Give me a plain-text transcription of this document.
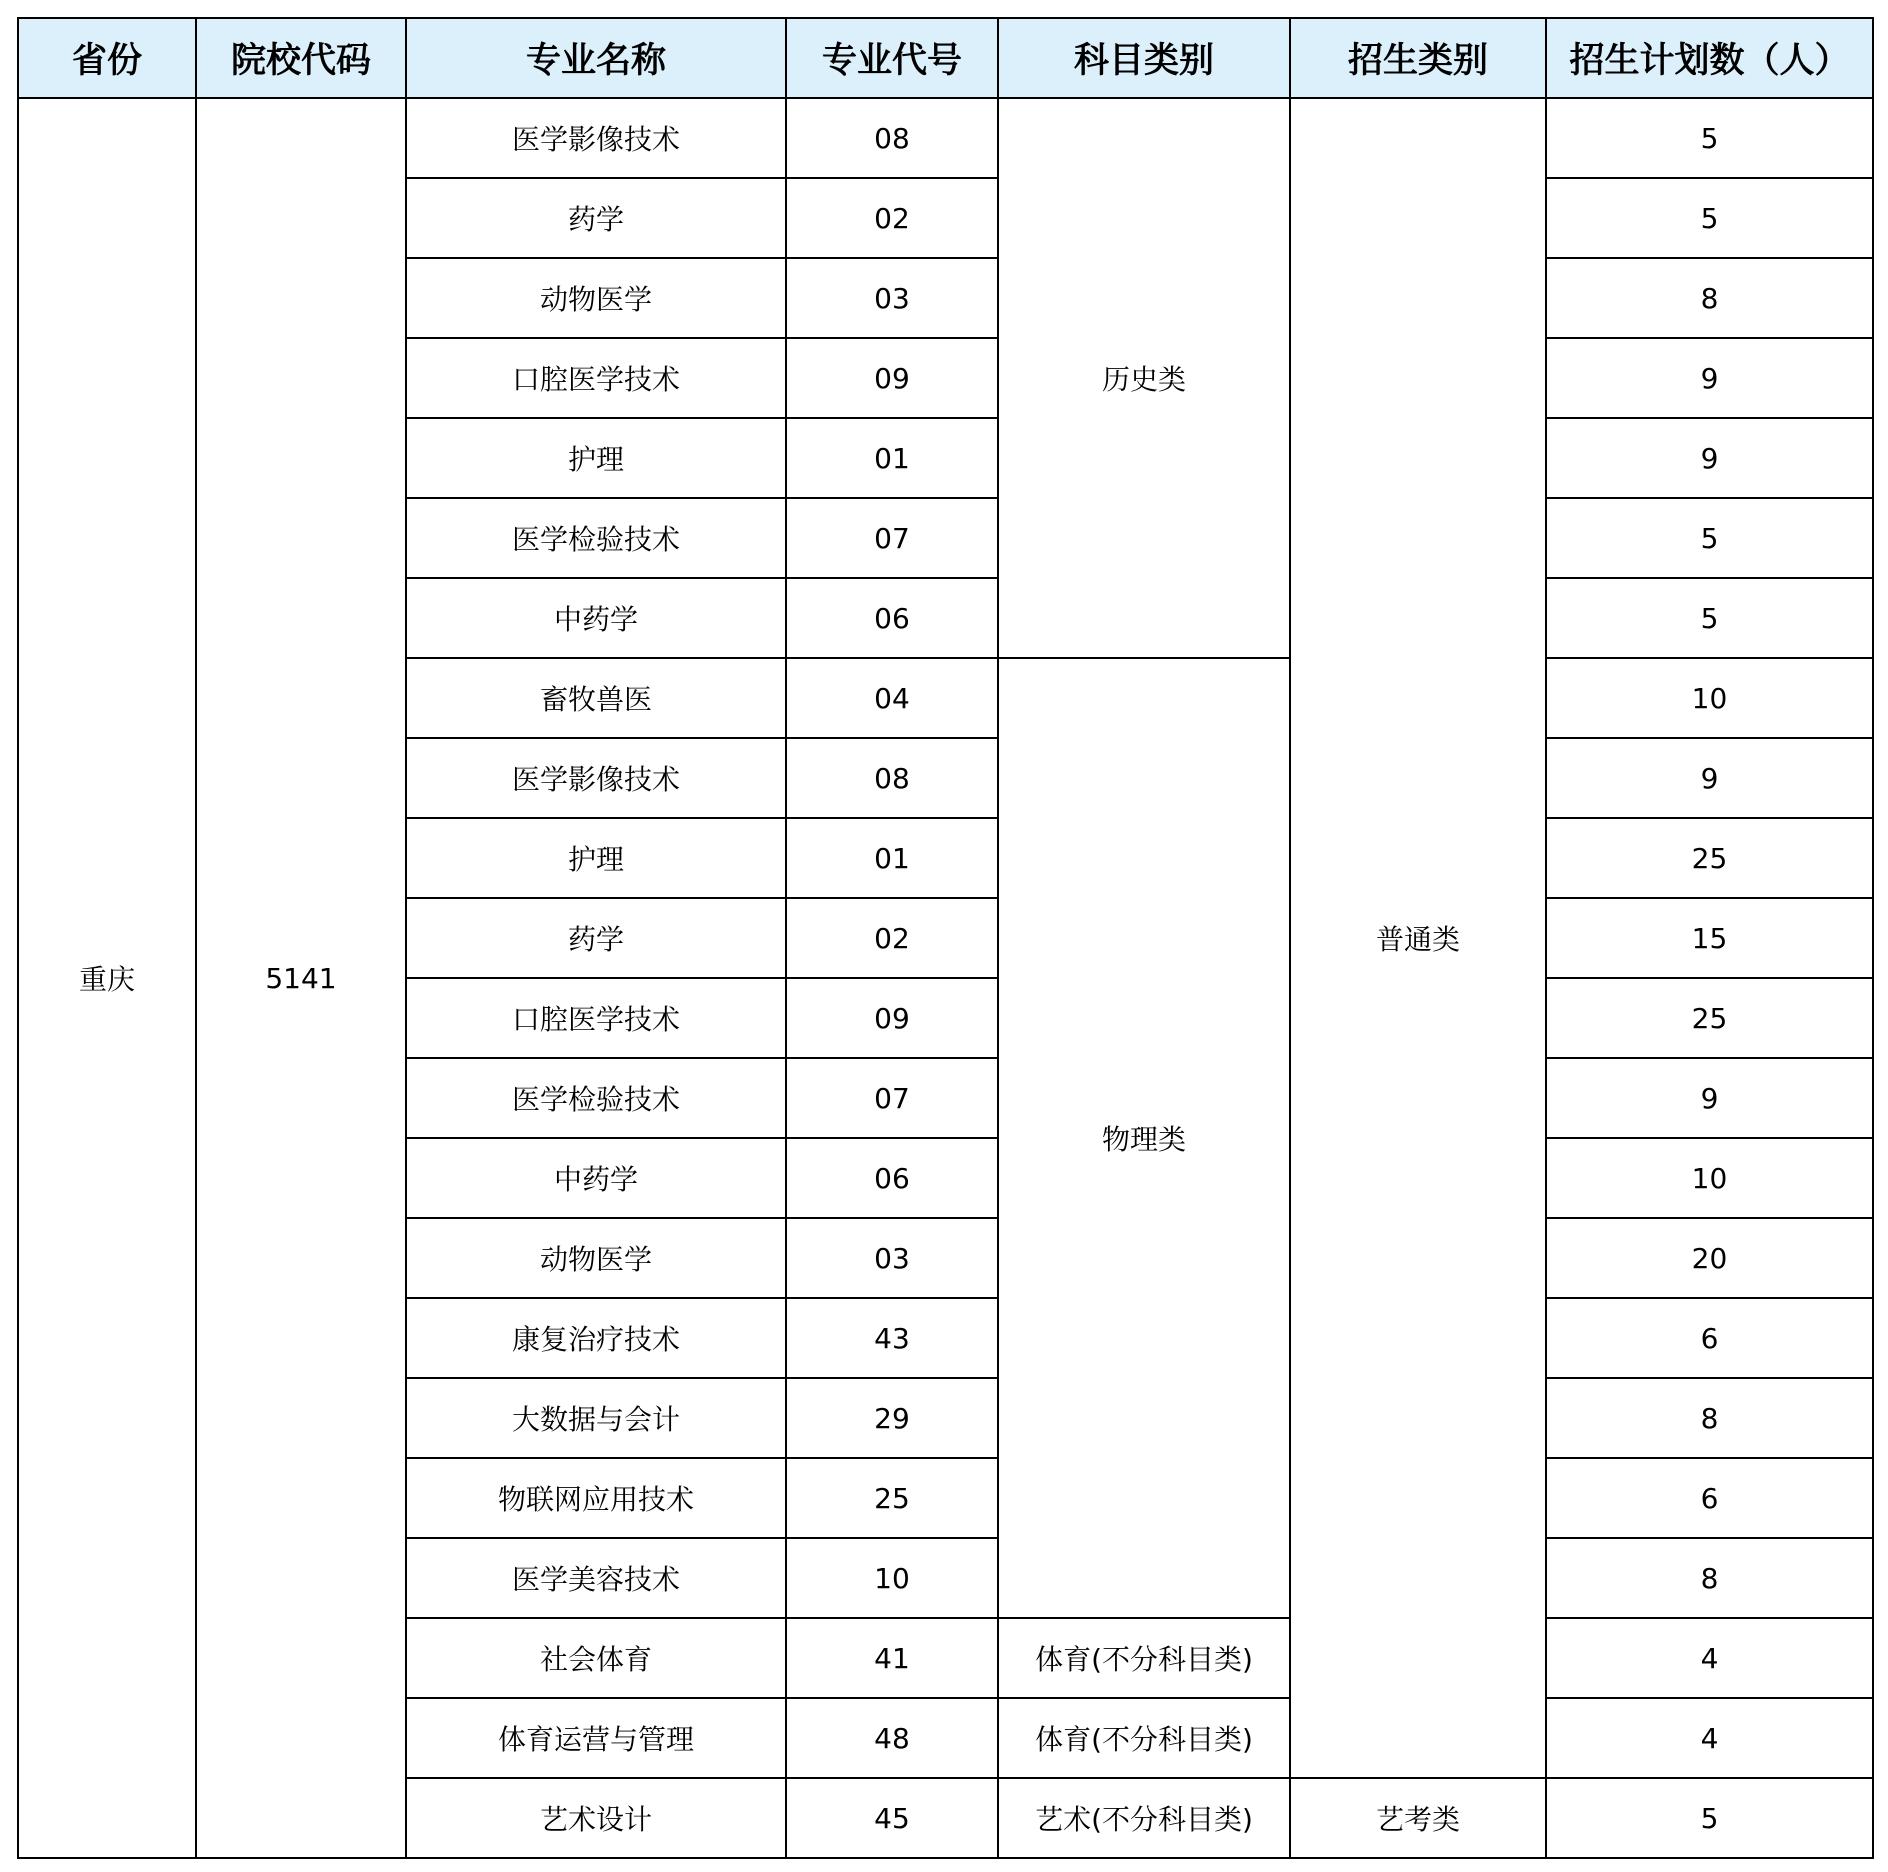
省份	院校代码	专业名称	专业代号	科目类别	招生类别	招生计划数（人）
重庆	5141	医学影像技术	08	历史类	普通类	5
		药学	02			5
		动物医学	03			8
		口腔医学技术	09			9
		护理	01			9
		医学检验技术	07			5
		中药学	06			5
		畜牧兽医	04	物理类		10
		医学影像技术	08			9
		护理	01			25
		药学	02			15
		口腔医学技术	09			25
		医学检验技术	07			9
		中药学	06			10
		动物医学	03			20
		康复治疗技术	43			6
		大数据与会计	29			8
		物联网应用技术	25			6
		医学美容技术	10			8
		社会体育	41	体育(不分科目类)		4
		体育运营与管理	48	体育(不分科目类)		4
		艺术设计	45	艺术(不分科目类)	艺考类	5
